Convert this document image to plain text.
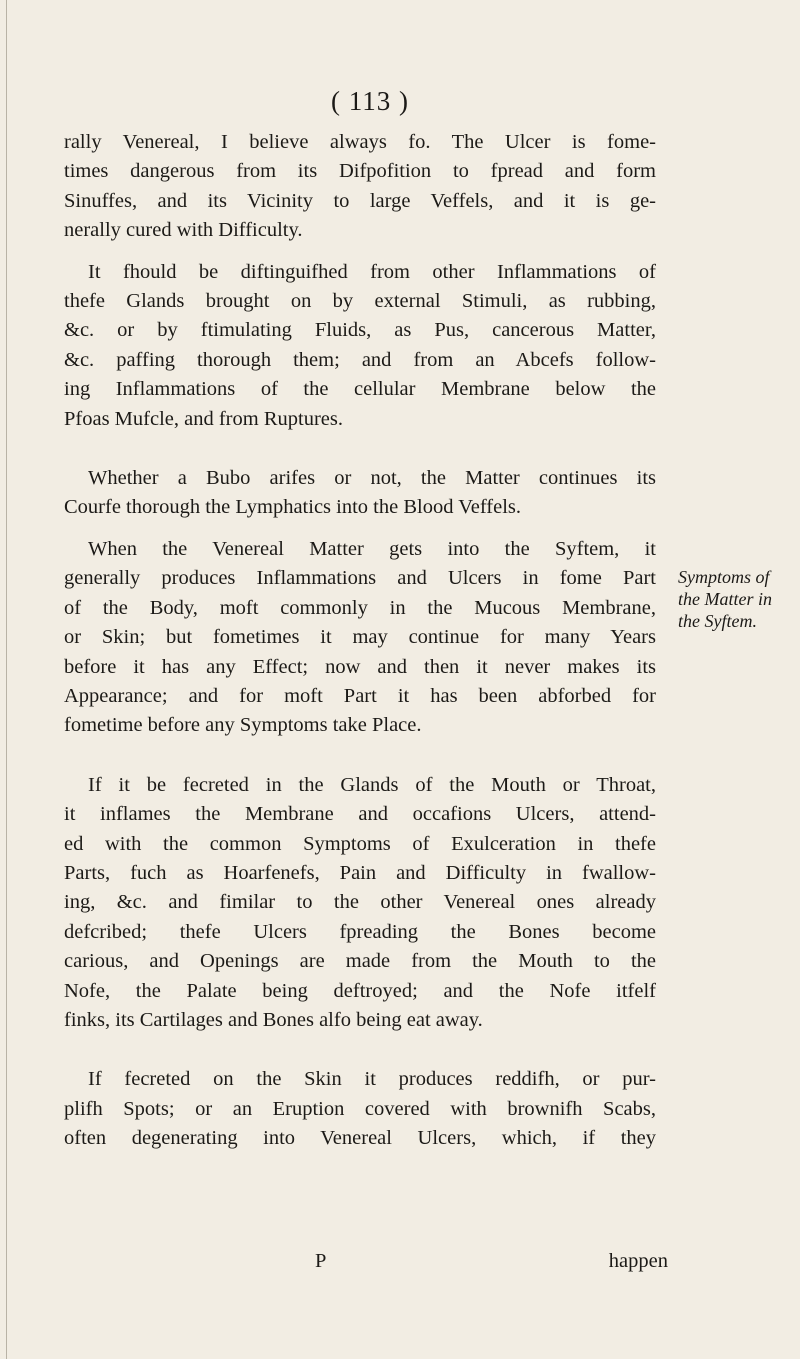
( 113 )

rally Venereal, I believe always fo. The Ulcer is fome-
times dangerous from its Difpofition to fpread and form
Sinuffes, and its Vicinity to large Veffels, and it is ge-
nerally cured with Difficulty.

It fhould be diftinguifhed from other Inflammations of
thefe Glands brought on by external Stimuli, as rubbing,
&c. or by ftimulating Fluids, as Pus, cancerous Matter,
&c. paffing thorough them; and from an Abcefs follow-
ing Inflammations of the cellular Membrane below the
Pfoas Mufcle, and from Ruptures.

Whether a Bubo arifes or not, the Matter continues its
Courfe thorough the Lymphatics into the Blood Veffels.

When the Venereal Matter gets into the Syftem, it
generally produces Inflammations and Ulcers in fome Part
of the Body, moft commonly in the Mucous Membrane,
or Skin; but fometimes it may continue for many Years
before it has any Effect; now and then it never makes its
Appearance; and for moft Part it has been abforbed for
fometime before any Symptoms take Place.

If it be fecreted in the Glands of the Mouth or Throat,
it inflames the Membrane and occafions Ulcers, attend-
ed with the common Symptoms of Exulceration in thefe
Parts, fuch as Hoarfenefs, Pain and Difficulty in fwallow-
ing, &c. and fimilar to the other Venereal ones already
defcribed; thefe Ulcers fpreading the Bones become
carious, and Openings are made from the Mouth to the
Nofe, the Palate being deftroyed; and the Nofe itfelf
finks, its Cartilages and Bones alfo being eat away.

If fecreted on the Skin it produces reddifh, or pur-
plifh Spots; or an Eruption covered with brownifh Scabs,
often degenerating into Venereal Ulcers, which, if they

Symptoms of
the Matter in
the Syftem.
P	happen
